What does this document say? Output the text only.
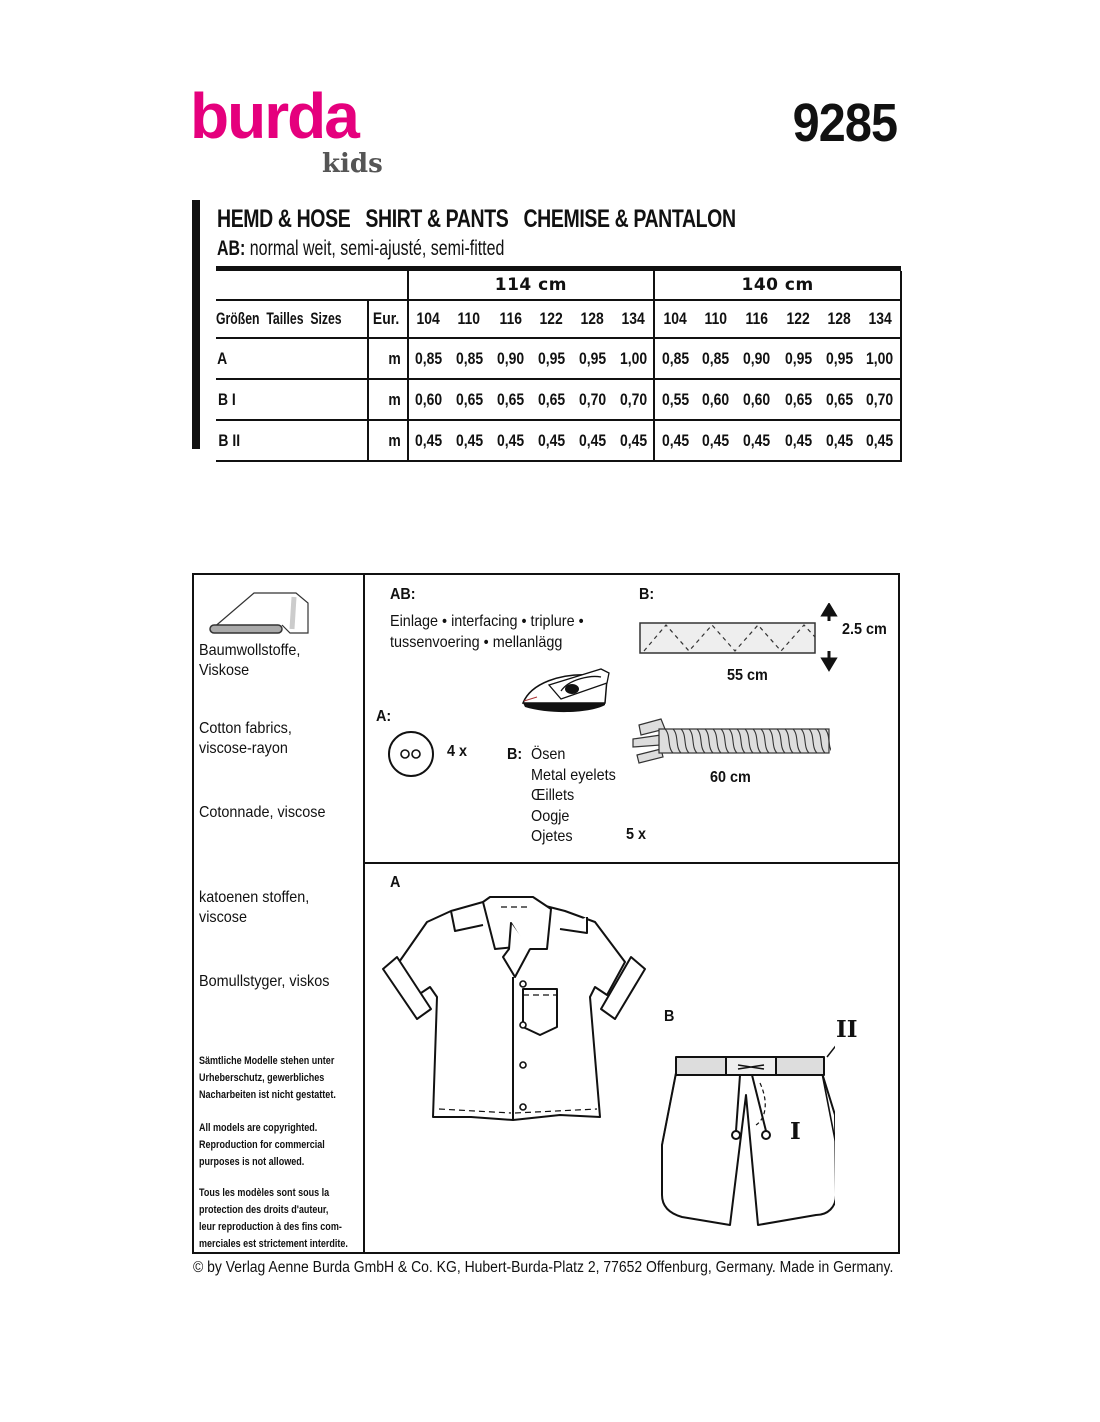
burda
kids
9285
HEMD & HOSE   SHIRT & PANTS   CHEMISE & PANTALON
AB: normal weit, semi-ajusté, semi-fitted

		114 cm						140 cm					
Größen  Tailles  Sizes	Eur.	104	110	116	122	128	134	104	110	116	122	128	134
A	m	0,85	0,85	0,90	0,95	0,95	1,00	0,85	0,85	0,90	0,95	0,95	1,00
B I	m	0,60	0,65	0,65	0,65	0,70	0,70	0,55	0,60	0,60	0,65	0,65	0,70
B II	m	0,45	0,45	0,45	0,45	0,45	0,45	0,45	0,45	0,45	0,45	0,45	0,45
Baumwollstoffe,
Viskose
Cotton fabrics,
viscose-rayon
Cotonnade, viscose
katoenen stoffen,
viscose
Bomullstyger, viskos
Sämtliche Modelle stehen unter
Urheberschutz, gewerbliches
Nacharbeiten ist nicht gestattet.
All models are copyrighted.
Reproduction for commercial
purposes is not allowed.
Tous les modèles sont sous la
protection des droits d'auteur,
leur reproduction à des fins com-
merciales est strictement interdite.
AB:
Einlage • interfacing • triplure •
tussenvoering • mellanlägg
B:
2.5 cm
55 cm
60 cm
A:
4 x B: Ösen
Metal eyelets
Œillets
Oogje
Ojetes	5 x
A
B	II
I
© by Verlag Aenne Burda GmbH & Co. KG, Hubert-Burda-Platz 2, 77652 Offenburg, Germany. Made in Germany.
